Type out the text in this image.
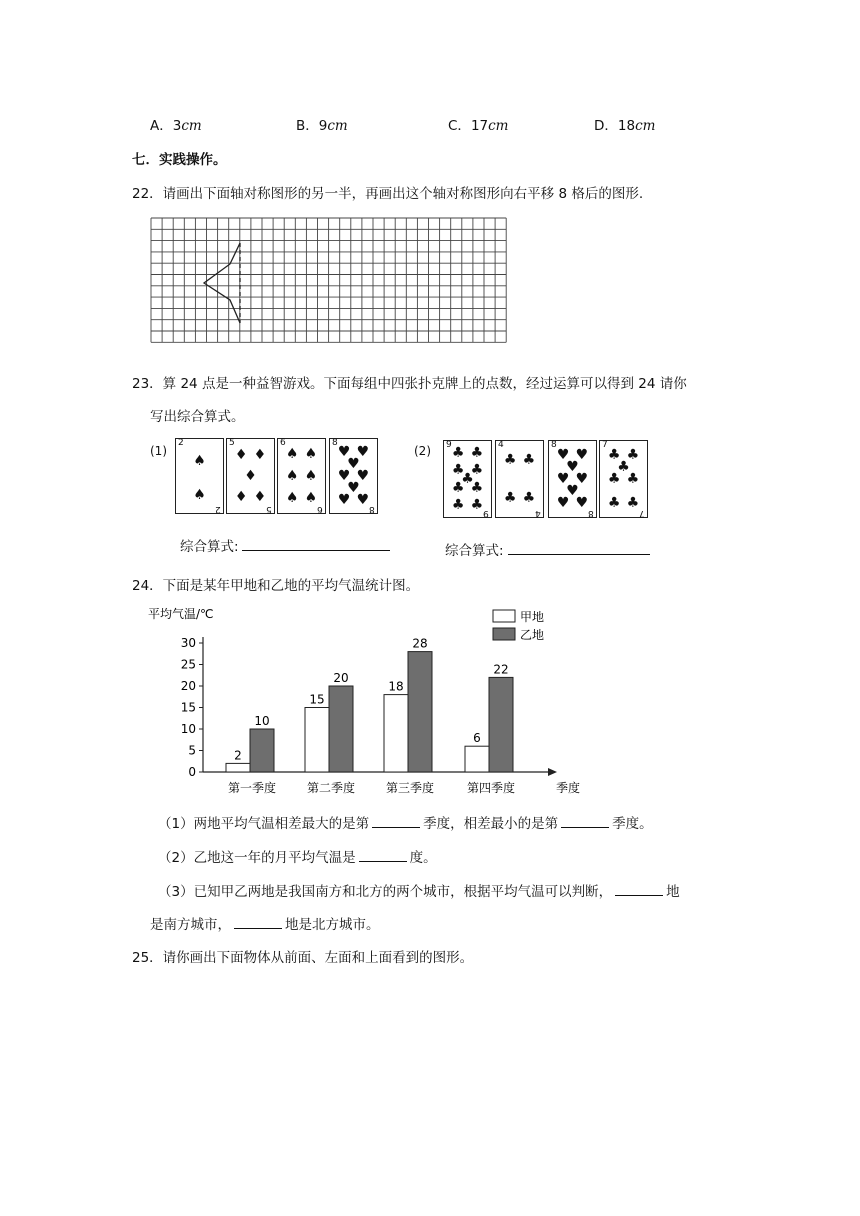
A．3cm	B．9cm	C．17cm	D．18cm
七．实践操作。
22．请画出下面轴对称图形的另一半，再画出这个轴对称图形向右平移 8 格后的图形.
23．算 24 点是一种益智游戏。下面每组中四张扑克牌上的点数，经过运算可以得到 24 请你
写出综合算式。
(1)	(2)
2
2
♠
♠
5
5
♦ ♦
♦
♦ ♦
6
6
♠ ♠
♠ ♠
♠ ♠
8
8
♥ ♥
♥
♥ ♥
♥
♥ ♥
9
9
♣ ♣
♣ ♣
♣
♣ ♣
♣ ♣
4
4
♣ ♣
♣ ♣
8
8
♥ ♥
♥
♥ ♥
♥
♥ ♥
7
7
♣ ♣
♣
♣ ♣
♣ ♣
综合算式:	综合算式:
24．下面是某年甲地和乙地的平均气温统计图。
平均气温/℃
0
5
10
15
20
25
30
季度
第一季度
2
10
第二季度
15
20
第三季度
18
28
第四季度
6
22
甲地
乙地
（1）两地平均气温相差最大的是第	季度，相差最小的是第	季度。
（2）乙地这一年的月平均气温是	度。
（3）已知甲乙两地是我国南方和北方的两个城市，根据平均气温可以判断，	地
是南方城市，	地是北方城市。
25．请你画出下面物体从前面、左面和上面看到的图形。
